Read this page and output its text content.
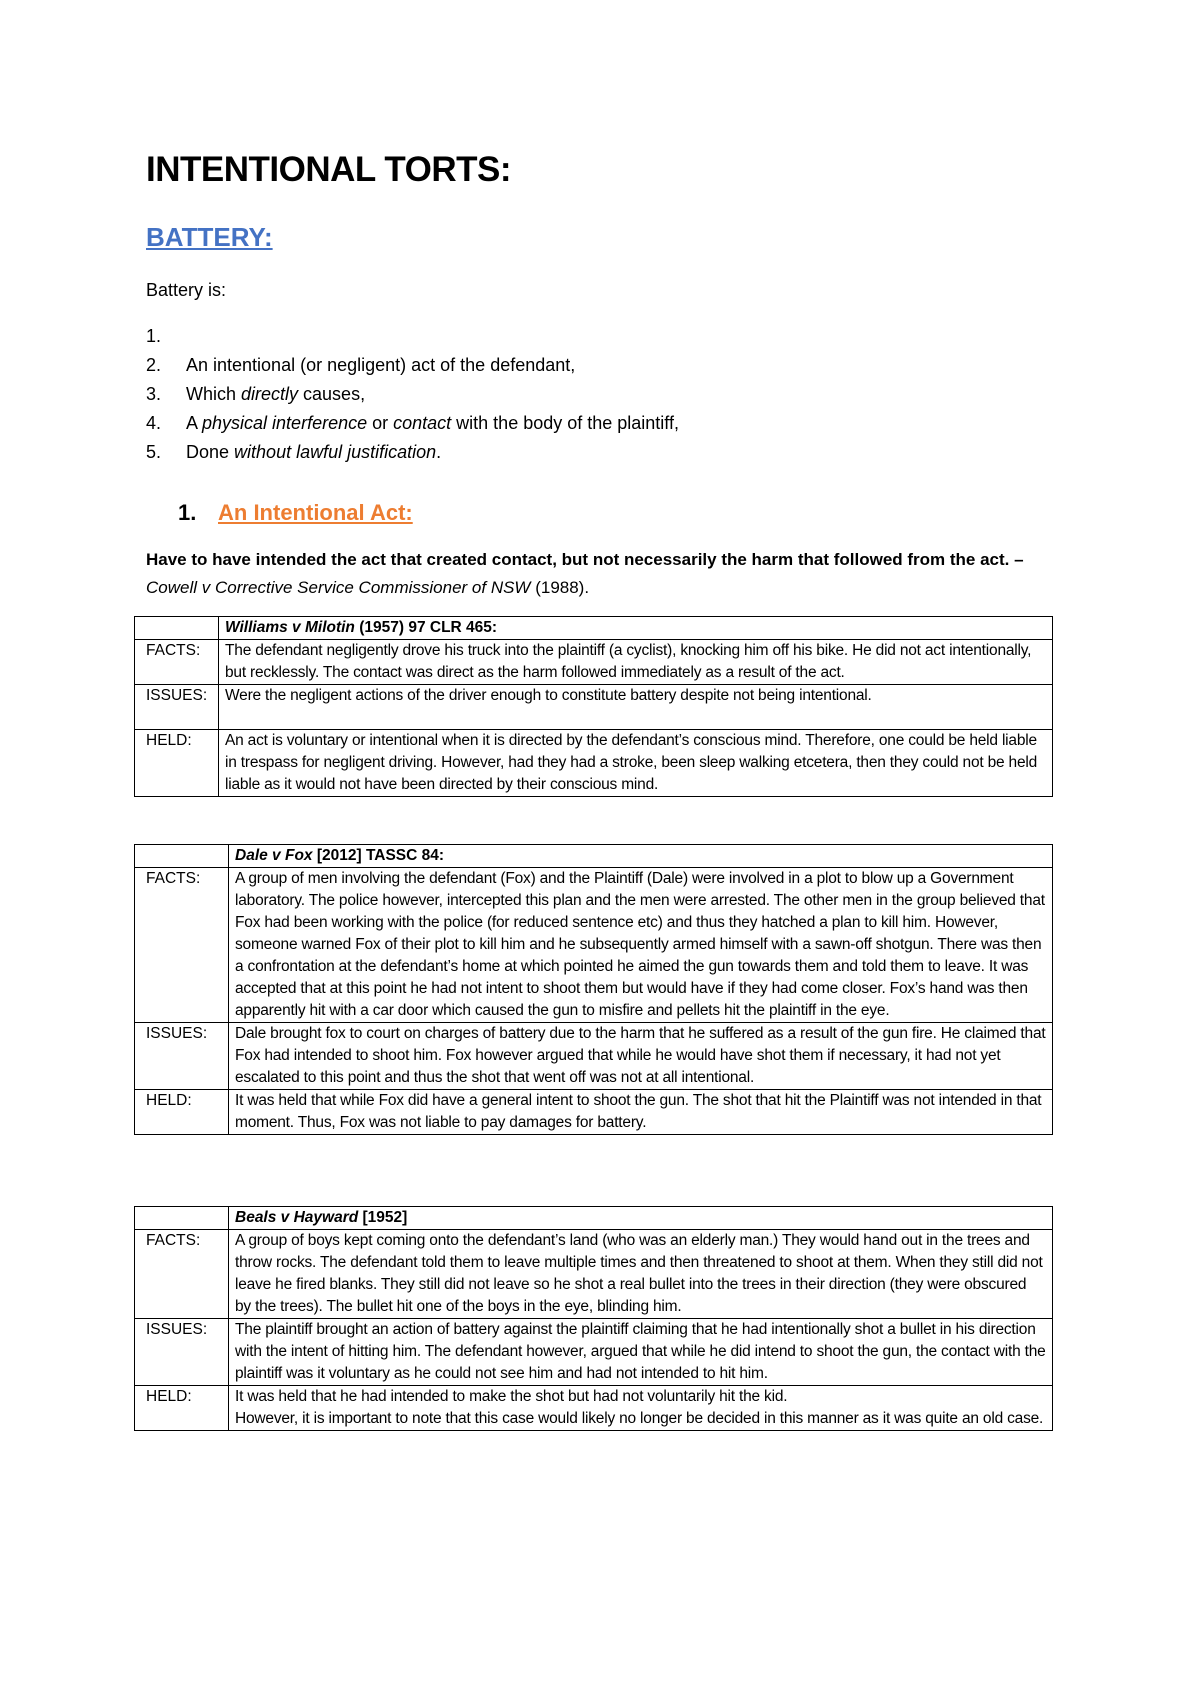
INTENTIONAL TORTS:
BATTERY:

Battery is:

1.
2.	An intentional (or negligent) act of the defendant,
3.	Which directly causes,
4.	A physical interference or contact with the body of the plaintiff,
5.	Done without lawful justification.
1. An Intentional Act:

Have to have intended the act that created contact, but not necessarily the harm that followed from the act. – Cowell v Corrective Service Commissioner of NSW (1988).

	Williams v Milotin (1957) 97 CLR 465:
FACTS:	The defendant negligently drove his truck into the plaintiff (a cyclist), knocking him off his bike. He did not act intentionally, but recklessly. The contact was direct as the harm followed immediately as a result of the act.
ISSUES:	Were the negligent actions of the driver enough to constitute battery despite not being intentional.
HELD:	An act is voluntary or intentional when it is directed by the defendant’s conscious mind. Therefore, one could be held liable in trespass for negligent driving. However, had they had a stroke, been sleep walking etcetera, then they could not be held liable as it would not have been directed by their conscious mind.
	Dale v Fox [2012] TASSC 84:
FACTS:	A group of men involving the defendant (Fox) and the Plaintiff (Dale) were involved in a plot to blow up a Government laboratory. The police however, intercepted this plan and the men were arrested. The other men in the group believed that Fox had been working with the police (for reduced sentence etc) and thus they hatched a plan to kill him. However, someone warned Fox of their plot to kill him and he subsequently armed himself with a sawn-off shotgun. There was then a confrontation at the defendant’s home at which pointed he aimed the gun towards them and told them to leave. It was accepted that at this point he had not intent to shoot them but would have if they had come closer. Fox’s hand was then apparently hit with a car door which caused the gun to misfire and pellets hit the plaintiff in the eye.
ISSUES:	Dale brought fox to court on charges of battery due to the harm that he suffered as a result of the gun fire. He claimed that Fox had intended to shoot him. Fox however argued that while he would have shot them if necessary, it had not yet escalated to this point and thus the shot that went off was not at all intentional.
HELD:	It was held that while Fox did have a general intent to shoot the gun. The shot that hit the Plaintiff was not intended in that moment. Thus, Fox was not liable to pay damages for battery.
	Beals v Hayward [1952]
FACTS:	A group of boys kept coming onto the defendant’s land (who was an elderly man.) They would hand out in the trees and throw rocks. The defendant told them to leave multiple times and then threatened to shoot at them. When they still did not leave he fired blanks. They still did not leave so he shot a real bullet into the trees in their direction (they were obscured by the trees). The bullet hit one of the boys in the eye, blinding him.
ISSUES:	The plaintiff brought an action of battery against the plaintiff claiming that he had intentionally shot a bullet in his direction with the intent of hitting him. The defendant however, argued that while he did intend to shoot the gun, the contact with the plaintiff was it voluntary as he could not see him and had not intended to hit him.
HELD:	It was held that he had intended to make the shot but had not voluntarily hit the kid.
However, it is important to note that this case would likely no longer be decided in this manner as it was quite an old case.
